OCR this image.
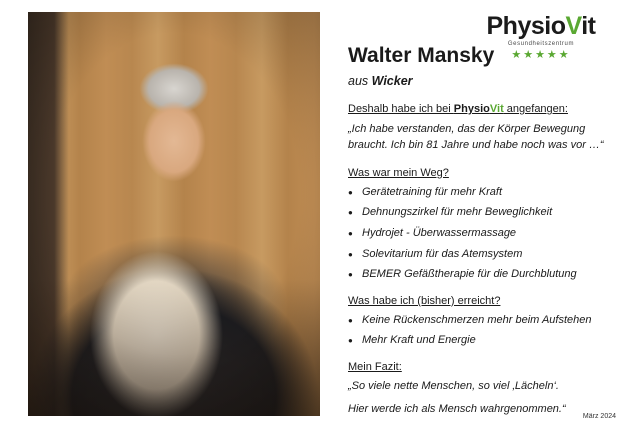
PhysioVit
Gesundheitszentrum
★★★★★
Walter Mansky

aus Wicker

Deshalb habe ich bei PhysioVit angefangen:

„Ich habe verstanden, das der Körper Bewegung braucht. Ich bin 81 Jahre und habe noch was vor …“

Was war mein Weg?

● Gerätetraining für mehr Kraft
● Dehnungszirkel für mehr Beweglichkeit
● Hydrojet - Überwassermassage
● Solevitarium für das Atemsystem
● BEMER Gefäßtherapie für die Durchblutung

Was habe ich (bisher) erreicht?

● Keine Rückenschmerzen mehr beim Aufstehen
● Mehr Kraft und Energie

Mein Fazit:

„So viele nette Menschen, so viel ‚Lächeln‘.

Hier werde ich als Mensch wahrgenommen.“

März 2024
